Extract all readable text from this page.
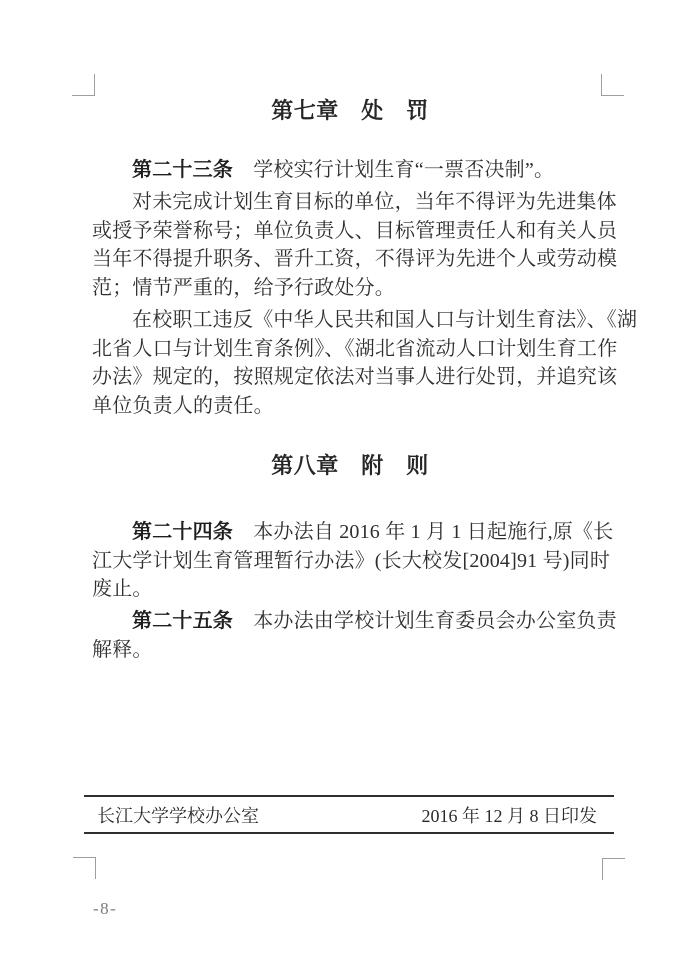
第七章　处　罚
第二十三条　学校实行计划生育“一票否决制”。
对未完成计划生育目标的单位，当年不得评为先进集体
或授予荣誉称号；单位负责人、目标管理责任人和有关人员
当年不得提升职务、晋升工资，不得评为先进个人或劳动模
范；情节严重的，给予行政处分。
在校职工违反《中华人民共和国人口与计划生育法》、《湖
北省人口与计划生育条例》、《湖北省流动人口计划生育工作
办法》规定的，按照规定依法对当事人进行处罚，并追究该
单位负责人的责任。
第八章　附　则
第二十四条　本办法自 2016 年 1 月 1 日起施行,原《长
江大学计划生育管理暂行办法》(长大校发[2004]91 号)同时
废止。
第二十五条　本办法由学校计划生育委员会办公室负责
解释。
长江大学学校办公室	2016 年 12 月 8 日印发
-8-
